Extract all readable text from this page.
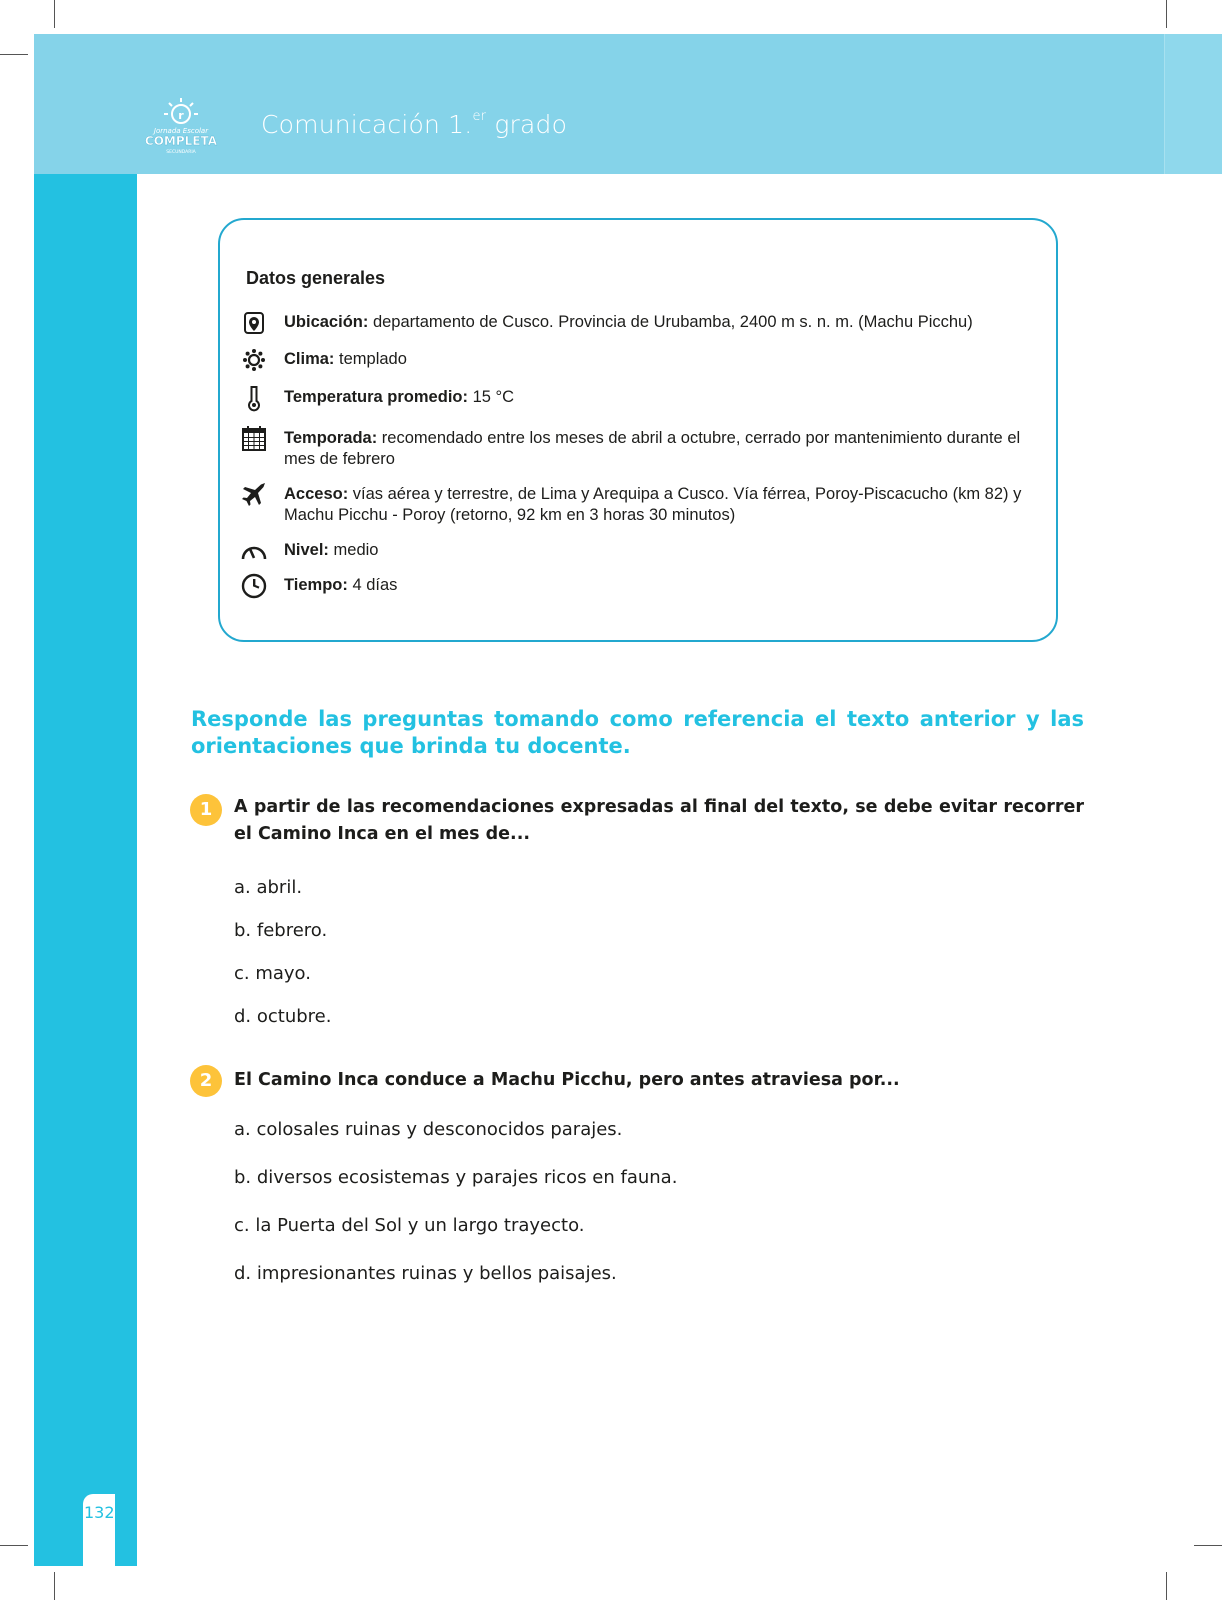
132
r
Jornada Escolar
COMPLETA
SECUNDARIA
Comunicación 1.$^{er}$ grado
Datos generales
Ubicación: departamento de Cusco. Provincia de Urubamba, 2400 m s. n. m. (Machu Picchu)
Clima: templado
Temperatura promedio: 15 °C
Temporada: recomendado entre los meses de abril a octubre, cerrado por mantenimiento durante el mes de febrero
Acceso: vías aérea y terrestre, de Lima y Arequipa a Cusco. Vía férrea, Poroy-Piscacucho (km 82) y Machu Picchu - Poroy (retorno, 92 km en 3 horas 30 minutos)
Nivel: medio
Tiempo: 4 días
Responde las preguntas tomando como referencia el texto anterior y las orientaciones que brinda tu docente.
1	A partir de las recomendaciones expresadas al final del texto, se debe evitar recorrer el Camino Inca en el mes de...
a. abril.
b. febrero.
c. mayo.
d. octubre.
2	El Camino Inca conduce a Machu Picchu, pero antes atraviesa por...
a. colosales ruinas y desconocidos parajes.
b. diversos ecosistemas y parajes ricos en fauna.
c. la Puerta del Sol y un largo trayecto.
d. impresionantes ruinas y bellos paisajes.
